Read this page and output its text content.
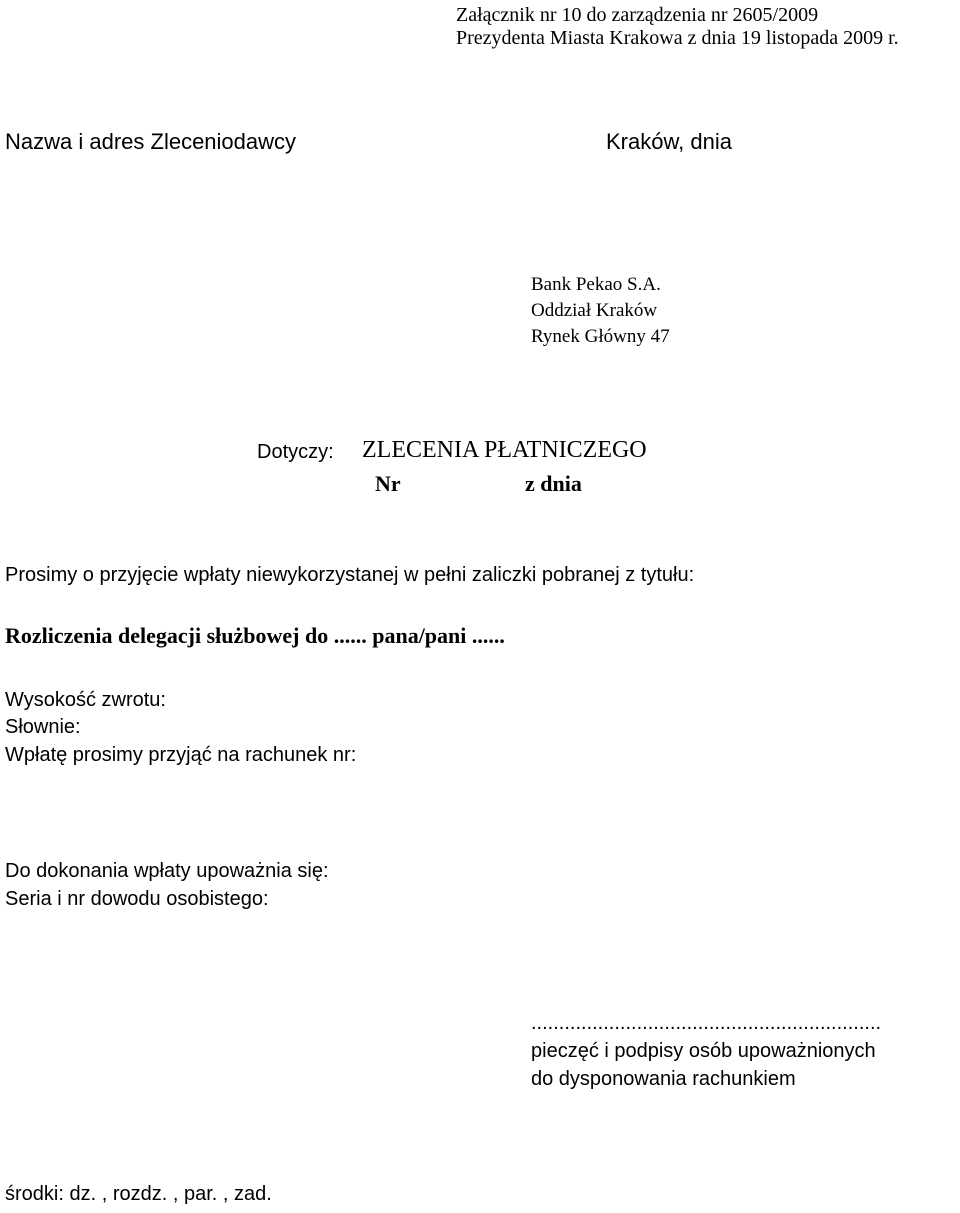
Załącznik nr 10 do zarządzenia nr 2605/2009
Prezydenta Miasta Krakowa z dnia 19 listopada 2009 r.
Nazwa i adres Zleceniodawcy	Kraków, dnia
Bank Pekao S.A.
Oddział Kraków
Rynek Główny 47
Dotyczy: ZLECENIA PŁATNICZEGO
Nr	z dnia
Prosimy o przyjęcie wpłaty niewykorzystanej w pełni zaliczki pobranej z tytułu:
Rozliczenia delegacji służbowej do ...... pana/pani ......
Wysokość zwrotu:
Słownie:
Wpłatę prosimy przyjąć na rachunek nr:
Do dokonania wpłaty upoważnia się:
Seria i nr dowodu osobistego:
...............................................................
pieczęć i podpisy osób upoważnionych
do dysponowania rachunkiem
środki: dz. , rozdz. , par. , zad.
